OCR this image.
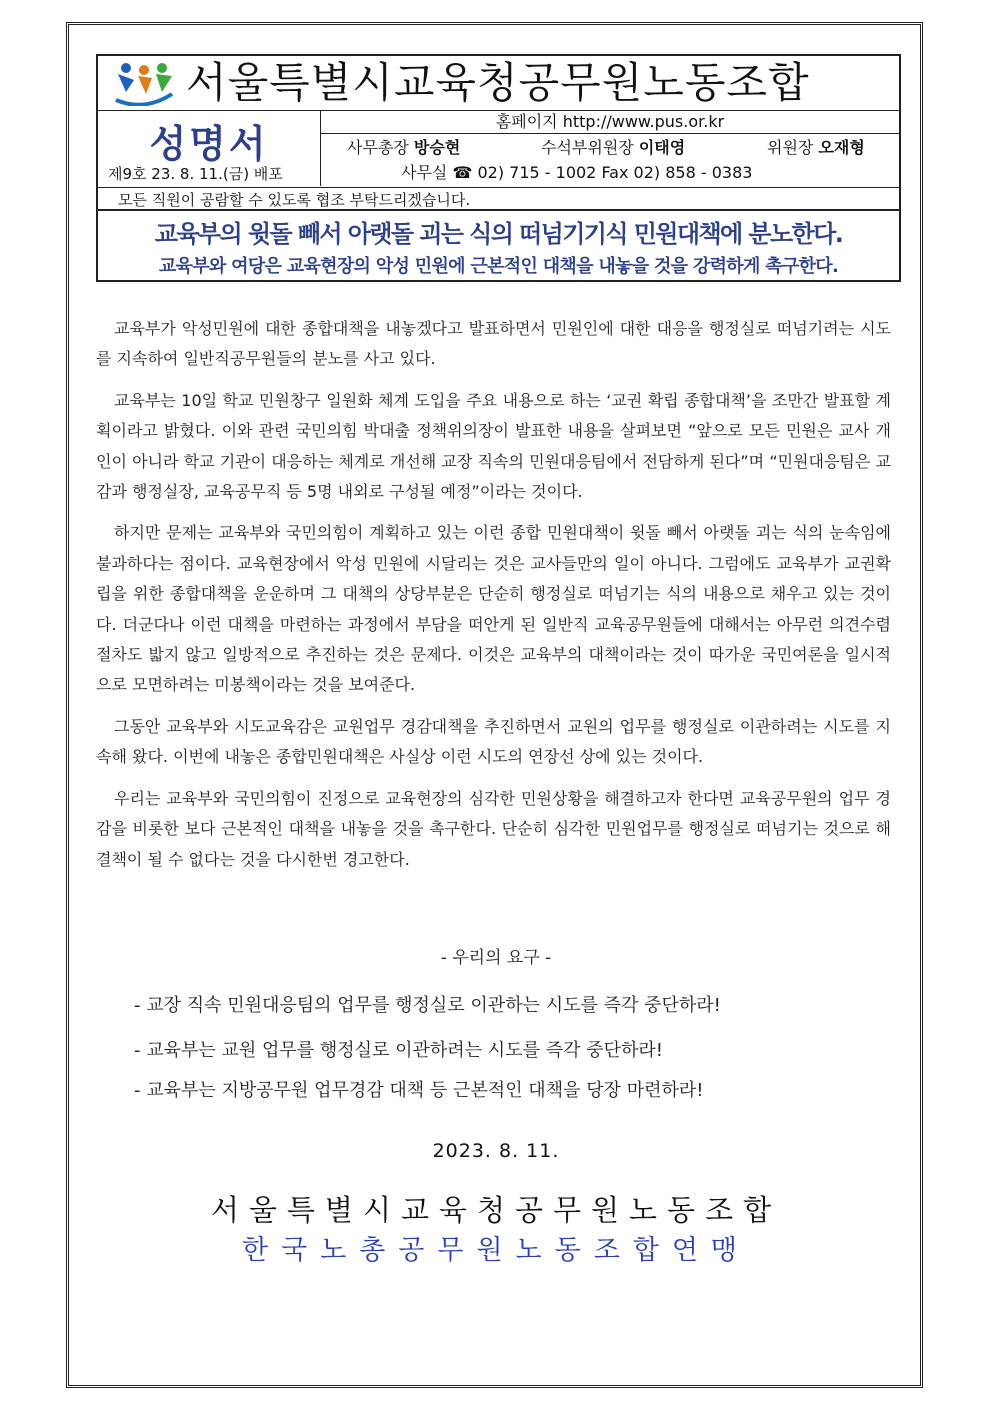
서울특별시교육청공무원노동조합
성명서
제9호 23. 8. 11.(금) 배포
홈페이지 http://www.pus.or.kr
사무총장 방승현	수석부위원장 이태영	위원장 오재형
사무실 ☎ 02) 715 - 1002 Fax 02) 858 - 0383
모든 직원이 공람할 수 있도록 협조 부탁드리겠습니다.
교육부의 윗돌 빼서 아랫돌 괴는 식의 떠넘기기식 민원대책에 분노한다.
교육부와 여당은 교육현장의 악성 민원에 근본적인 대책을 내놓을 것을 강력하게 촉구한다.

교육부가 악성민원에 대한 종합대책을 내놓겠다고 발표하면서 민원인에 대한 대응을 행정실로 떠넘기려는 시도를 지속하여 일반직공무원들의 분노를 사고 있다.

교육부는 10일 학교 민원창구 일원화 체계 도입을 주요 내용으로 하는 ‘교권 확립 종합대책’을 조만간 발표할 계획이라고 밝혔다. 이와 관련 국민의힘 박대출 정책위의장이 발표한 내용을 살펴보면 “앞으로 모든 민원은 교사 개인이 아니라 학교 기관이 대응하는 체계로 개선해 교장 직속의 민원대응팀에서 전담하게 된다”며 “민원대응팀은 교감과 행정실장, 교육공무직 등 5명 내외로 구성될 예정”이라는 것이다.

하지만 문제는 교육부와 국민의힘이 계획하고 있는 이런 종합 민원대책이 윗돌 빼서 아랫돌 괴는 식의 눈속임에 불과하다는 점이다. 교육현장에서 악성 민원에 시달리는 것은 교사들만의 일이 아니다. 그럼에도 교육부가 교권확립을 위한 종합대책을 운운하며 그 대책의 상당부분은 단순히 행정실로 떠넘기는 식의 내용으로 채우고 있는 것이다. 더군다나 이런 대책을 마련하는 과정에서 부담을 떠안게 된 일반직 교육공무원들에 대해서는 아무런 의견수렴 절차도 밟지 않고 일방적으로 추진하는 것은 문제다. 이것은 교육부의 대책이라는 것이 따가운 국민여론을 일시적으로 모면하려는 미봉책이라는 것을 보여준다.

그동안 교육부와 시도교육감은 교원업무 경감대책을 추진하면서 교원의 업무를 행정실로 이관하려는 시도를 지속해 왔다. 이번에 내놓은 종합민원대책은 사실상 이런 시도의 연장선 상에 있는 것이다.

우리는 교육부와 국민의힘이 진정으로 교육현장의 심각한 민원상황을 해결하고자 한다면 교육공무원의 업무 경감을 비롯한 보다 근본적인 대책을 내놓을 것을 촉구한다. 단순히 심각한 민원업무를 행정실로 떠넘기는 것으로 해결책이 될 수 없다는 것을 다시한번 경고한다.

- 우리의 요구 -
- 교장 직속 민원대응팀의 업무를 행정실로 이관하는 시도를 즉각 중단하라!
- 교육부는 교원 업무를 행정실로 이관하려는 시도를 즉각 중단하라!
- 교육부는 지방공무원 업무경감 대책 등 근본적인 대책을 당장 마련하라!
2023. 8. 11.
서울특별시교육청공무원노동조합
한국노총공무원노동조합연맹
